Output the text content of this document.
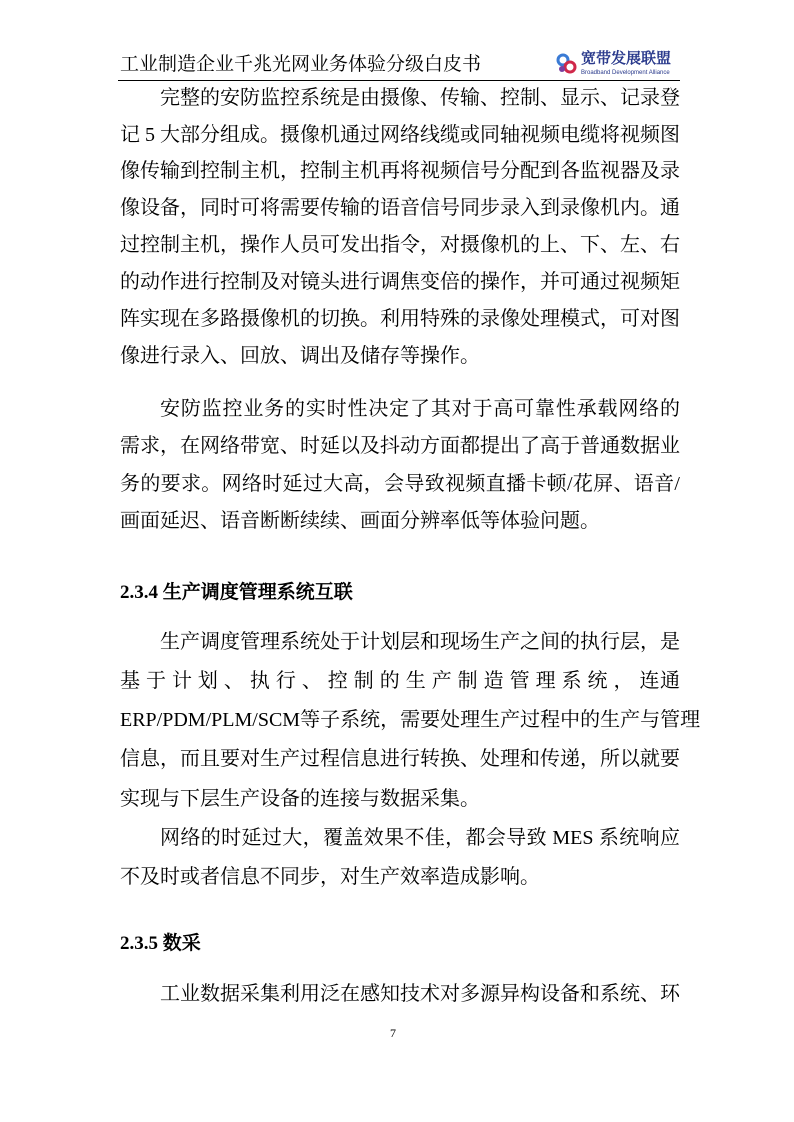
工业制造企业千兆光网业务体验分级白皮书	宽带发展联盟
Broadband Development Alliance
完整的安防监控系统是由摄像、传输、控制、显示、记录登
记 5 大部分组成。摄像机通过网络线缆或同轴视频电缆将视频图
像传输到控制主机，控制主机再将视频信号分配到各监视器及录
像设备，同时可将需要传输的语音信号同步录入到录像机内。通
过控制主机，操作人员可发出指令，对摄像机的上、下、左、右
的动作进行控制及对镜头进行调焦变倍的操作，并可通过视频矩
阵实现在多路摄像机的切换。利用特殊的录像处理模式，可对图
像进行录入、回放、调出及储存等操作。
安防监控业务的实时性决定了其对于高可靠性承载网络的
需求，在网络带宽、时延以及抖动方面都提出了高于普通数据业
务的要求。网络时延过大高，会导致视频直播卡顿/花屏、语音/
画面延迟、语音断断续续、画面分辨率低等体验问题。
生产调度管理系统处于计划层和现场生产之间的执行层，是
基 于 计 划 、 执 行 、 控 制 的 生 产 制 造 管 理 系 统 ， 连通
ERP/PDM/PLM/SCM等子系统，需要处理生产过程中的生产与管理
信息，而且要对生产过程信息进行转换、处理和传递，所以就要
实现与下层生产设备的连接与数据采集。
网络的时延过大，覆盖效果不佳，都会导致 MES 系统响应
不及时或者信息不同步，对生产效率造成影响。
工业数据采集利用泛在感知技术对多源异构设备和系统、环
2.3.4 生产调度管理系统互联
2.3.5 数采
7
